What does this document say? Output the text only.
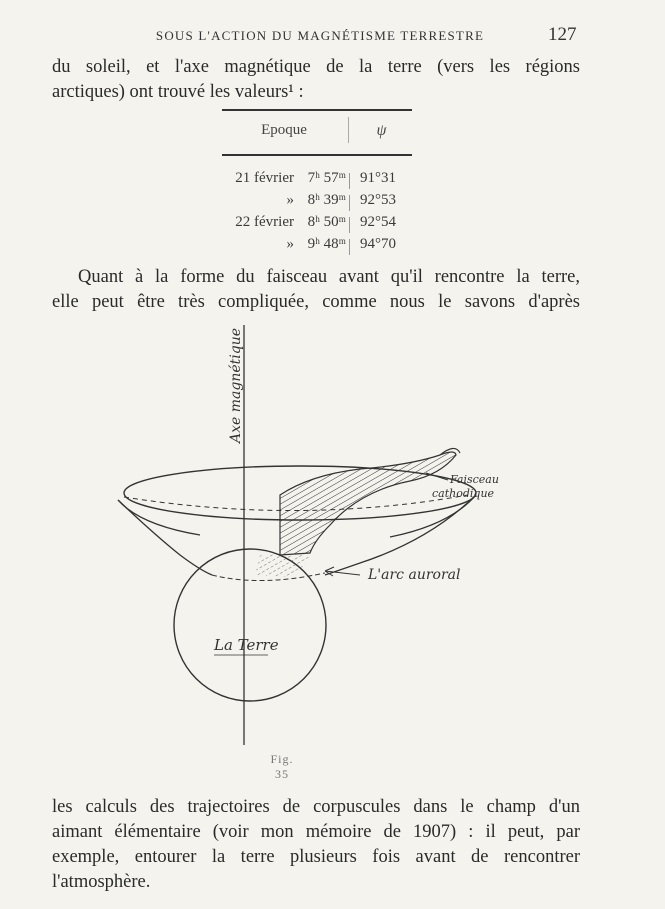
SOUS L'ACTION DU MAGNÉTISME TERRESTRE	127
du soleil, et l'axe magnétique de la terre (vers les régions
arctiques) ont trouvé les valeurs¹ :
Epoque	ψ
21 février 7ʰ 57ᵐ 91°31
» 8ʰ 39ᵐ 92°53
22 février 8ʰ 50ᵐ 92°54
» 9ʰ 48ᵐ 94°70
Quant à la forme du faisceau avant qu'il rencontre la terre,
elle peut être très compliquée, comme nous le savons d'après
Axe magnétique
Faisceau
cathodique
L'arc auroral
La Terre
Fig. 35
les calculs des trajectoires de corpuscules dans le champ d'un
aimant élémentaire (voir mon mémoire de 1907) : il peut, par
exemple, entourer la terre plusieurs fois avant de rencontrer
l'atmosphère.
